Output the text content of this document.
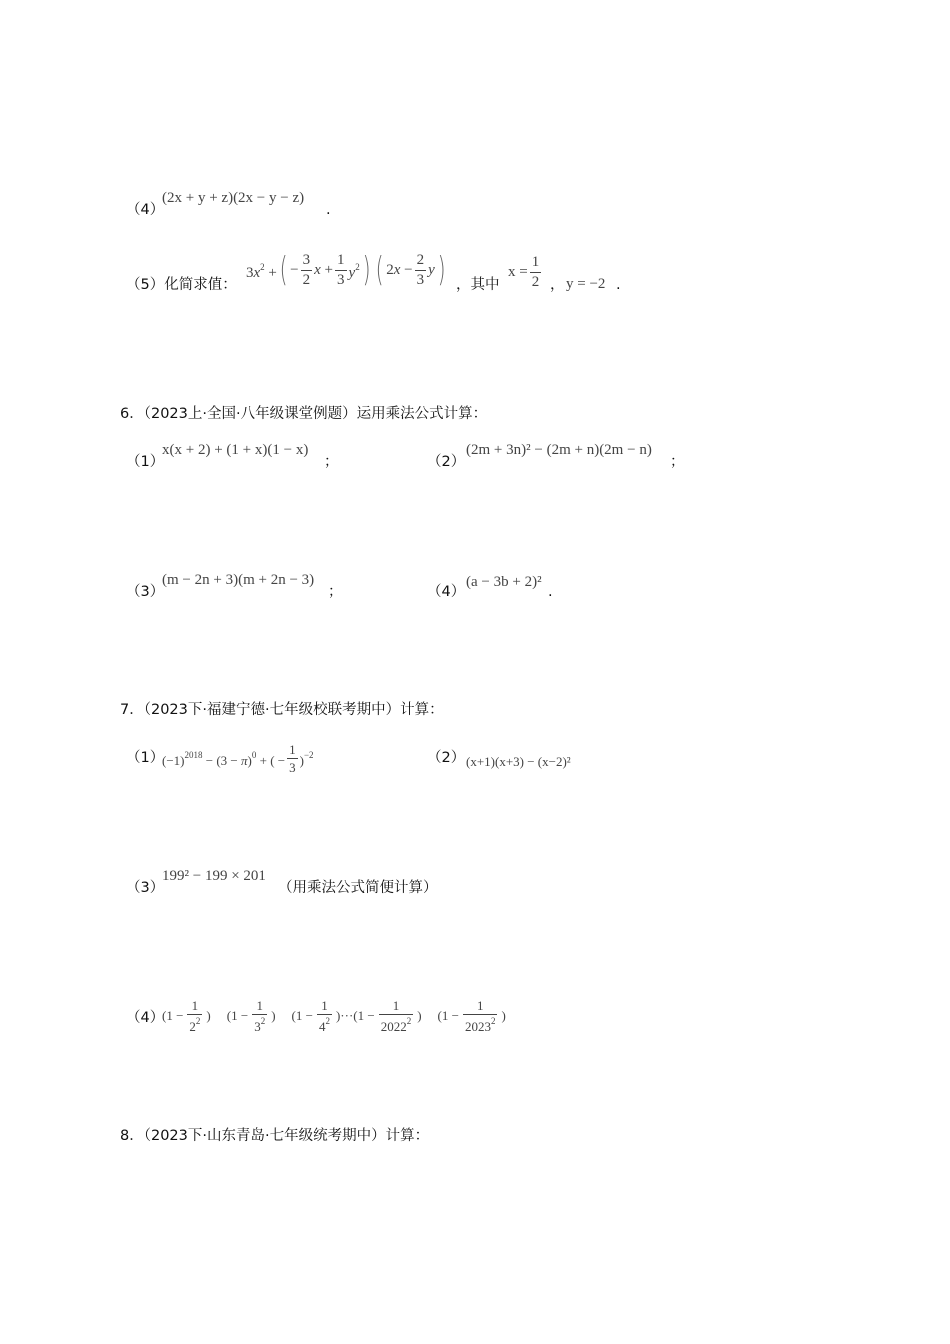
（4）
(2x + y + z)(2x − y − z)
.
（5）化简求值：
$3x^2$ + ( − $\frac{3}{2}$ $x + \frac{1}{3} y^2$ ) ( $2x - \frac{2}{3}$ y ) ，其中
$x = \frac{1}{2}$ ， y = −2 .
6．（2023上·全国·八年级课堂例题）运用乘法公式计算：
（1）
x(x + 2) + (1 + x)(1 − x)
；	（2）
(2m + 3n)² − (2m + n)(2m − n)
；
（3）
(m − 2n + 3)(m + 2n − 3)
；	（4）
(a − 3b + 2)²
.
7．（2023下·福建宁德·七年级校联考期中）计算：
（1）
$(-1)^{2018} - (3 - \pi)^0$ + ( − $\frac{1}{3} )^{-2}$	（2） (x+1)(x+3) − (x−2)²
（3）
199² − 199 × 201
（用乘法公式简便计算）
（4）
($1 - \frac{1}{2^2}$ ) ($1 - \frac{1}{3^2}$ ) $(1 - \frac{1}{4^2} )\cdot\cdot\cdot(1 - \frac{1}{2022^2}$ ) ($1 - \frac{1}{2023^2}$ )
8．（2023下·山东青岛·七年级统考期中）计算：
